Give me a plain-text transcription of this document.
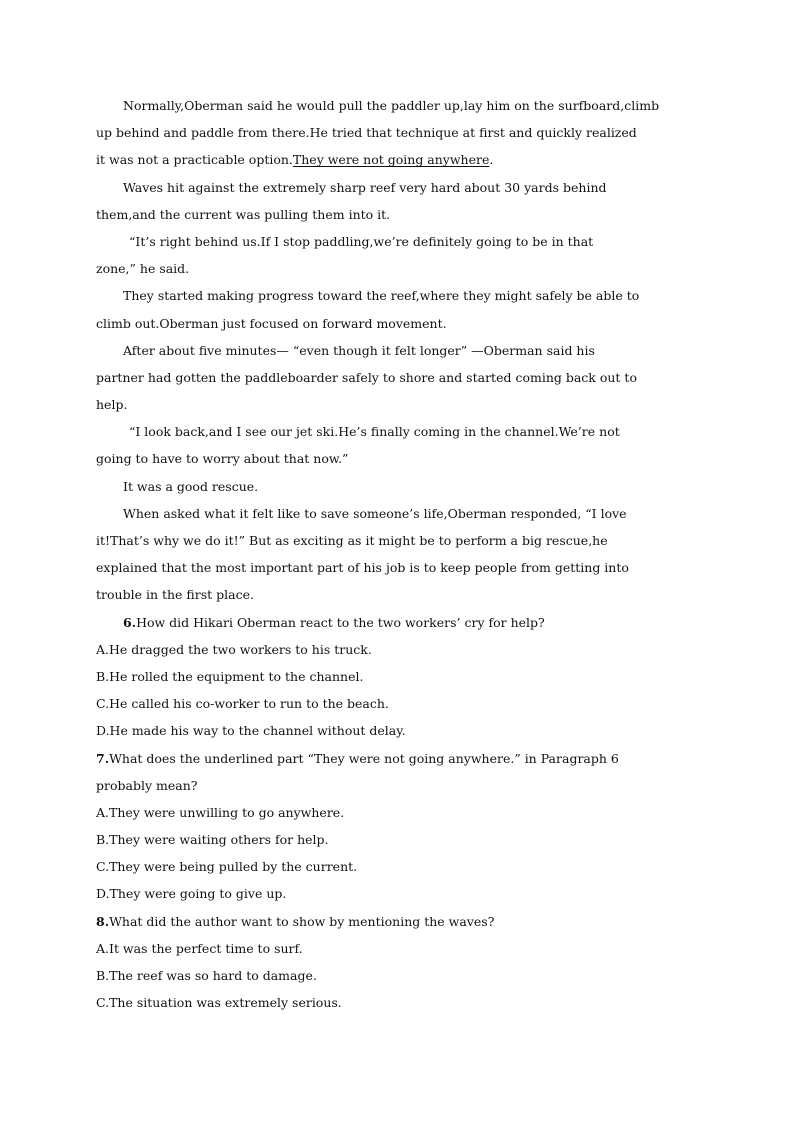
Normally,Oberman said he would pull the paddler up,lay him on the surfboard,climb
up behind and paddle from there.He tried that technique at first and quickly realized
it was not a practicable option.They were not going anywhere.
Waves hit against the extremely sharp reef very hard about 30 yards behind
them,and the current was pulling them into it.
“It’s right behind us.If I stop paddling,we’re definitely going to be in that
zone,” he said.
They started making progress toward the reef,where they might safely be able to
climb out.Oberman just focused on forward movement.
After about five minutes— “even though it felt longer” —Oberman said his
partner had gotten the paddleboarder safely to shore and started coming back out to
help.
“I look back,and I see our jet ski.He’s finally coming in the channel.We’re not
going to have to worry about that now.”
It was a good rescue.
When asked what it felt like to save someone’s life,Oberman responded, “I love
it!That’s why we do it!” But as exciting as it might be to perform a big rescue,he
explained that the most important part of his job is to keep people from getting into
trouble in the first place.
6.How did Hikari Oberman react to the two workers’ cry for help?
A.He dragged the two workers to his truck.
B.He rolled the equipment to the channel.
C.He called his co-worker to run to the beach.
D.He made his way to the channel without delay.
7.What does the underlined part “They were not going anywhere.” in Paragraph 6
probably mean?
A.They were unwilling to go anywhere.
B.They were waiting others for help.
C.They were being pulled by the current.
D.They were going to give up.
8.What did the author want to show by mentioning the waves?
A.It was the perfect time to surf.
B.The reef was so hard to damage.
C.The situation was extremely serious.
